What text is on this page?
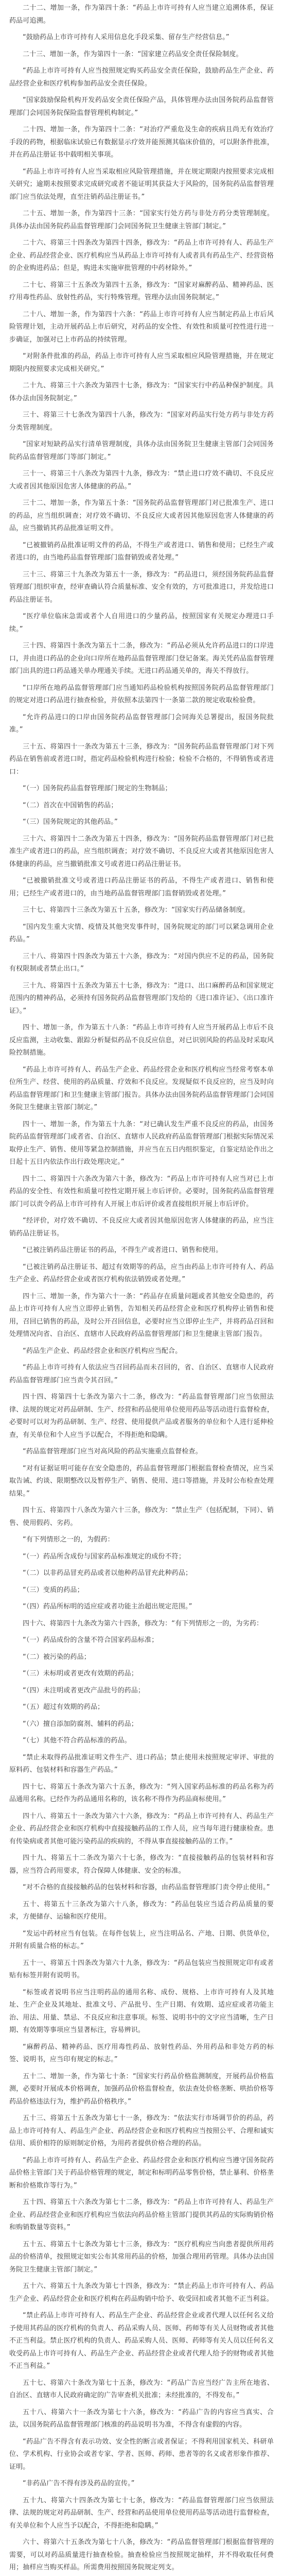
二十二、增加一条，作为第四十条：“药品上市许可持有人应当建立追溯体系，保证药品可追溯。

“鼓励药品上市许可持有人采用信息化手段采集、留存生产经营信息。”

二十三、增加一条，作为第四十一条：“国家建立药品安全责任保险制度。

“药品上市许可持有人应当按照规定购买药品安全责任保险，鼓励药品生产企业、药品经营企业和医疗机构参加药品安全责任保险。

“国家鼓励保险机构开发药品安全责任保险产品，具体管理办法由国务院药品监督管理部门会同国务院保险监督管理机构制定。”

二十四、增加一条，作为第四十二条：“对治疗严重危及生命的疾病且尚无有效治疗手段的药物，根据临床试验已有数据显示疗效并能预测其临床价值的，可以附条件批准，并在药品注册证书中载明相关事项。

“药品上市许可持有人应当采取相应风险管理措施，并在规定期限内按照要求完成相关研究；逾期未按照要求完成研究或者不能证明其获益大于风险的，国务院药品监督管理部门应当依法处理，直至注销药品注册证书。”

二十五、增加一条，作为第四十三条：“国家实行处方药与非处方药分类管理制度。具体办法由国务院药品监督管理部门会同国务院卫生健康主管部门制定。”

二十六、将第三十四条改为第四十四条，修改为：“药品上市许可持有人、药品生产企业、药品经营企业、医疗机构应当从药品上市许可持有人或者具有药品生产、经营资格的企业购进药品；但是，购进未实施审批管理的中药材除外。”

二十七、将第三十五条改为第四十五条，修改为：“国家对麻醉药品、精神药品、医疗用毒性药品、放射性药品，实行特殊管理。管理办法由国务院制定。”

二十八、增加一条，作为第四十六条：“药品上市许可持有人应当制定药品上市后风险管理计划，主动开展药品上市后研究，对药品的安全性、有效性和质量可控性进行进一步确证，加强对已上市药品的持续管理。

“对附条件批准的药品，药品上市许可持有人应当采取相应风险管理措施，并在规定期限内按照要求完成相关研究。”

二十九、将第三十六条改为第四十七条，修改为：“国家实行中药品种保护制度。具体办法由国务院制定。”

三十、将第三十七条改为第四十八条，修改为：“国家对药品实行处方药与非处方药分类管理制度。

“国家对短缺药品实行清单管理制度，具体办法由国务院卫生健康主管部门会同国务院药品监督管理部门等部门制定。”

三十一、将第三十八条改为第四十九条，修改为：“禁止进口疗效不确切、不良反应大或者因其他原因危害人体健康的药品。”

三十二、增加一条，作为第五十条：“国务院药品监督管理部门对已批准生产、进口的药品，应当组织调查；对疗效不确切、不良反应大或者因其他原因危害人体健康的药品，应当撤销其药品批准证明文件。

“已被撤销药品批准证明文件的药品，不得生产或者进口、销售和使用；已经生产或者进口的，由当地药品监督管理部门监督销毁或者处理。”

三十三、将第三十九条改为第五十一条，修改为：“药品进口，须经国务院药品监督管理部门组织审查，经审查确认符合质量标准、安全有效的，方可批准进口，并发给进口药品注册证书。

“医疗单位临床急需或者个人自用进口的少量药品，按照国家有关规定办理进口手续。”

三十四、将第四十条改为第五十二条，修改为：“药品必须从允许药品进口的口岸进口，并由进口药品的企业向口岸所在地药品监督管理部门登记备案。海关凭药品监督管理部门出具的进口药品通关单办理通关手续。无进口药品通关单的，海关不得放行。

“口岸所在地药品监督管理部门应当通知药品检验机构按照国务院药品监督管理部门的规定对进口药品进行抽查检验，并依照本法第四十一条第二款的规定收取检验费。

“允许药品进口的口岸由国务院药品监督管理部门会同海关总署提出，报国务院批准。”

三十五、将第四十一条改为第五十三条，修改为：“国务院药品监督管理部门对下列药品在销售前或者进口时，指定药品检验机构进行检验；检验不合格的，不得销售或者进口：

“（一）国务院药品监督管理部门规定的生物制品；

“（二）首次在中国销售的药品；

“（三）国务院规定的其他药品。”

三十六、将第四十二条改为第五十四条，修改为：“国务院药品监督管理部门对已批准生产或者进口的药品，应当组织调查；对疗效不确切、不良反应大或者其他原因危害人体健康的药品，应当撤销批准文号或者进口药品注册证书。

“已被撤销批准文号或者进口药品注册证书的药品，不得生产或者进口、销售和使用；已经生产或者进口的，由当地药品监督管理部门监督销毁或者处理。”

三十七、将第四十三条改为第五十五条，修改为：“国家实行药品储备制度。

“国内发生重大灾情、疫情及其他突发事件时，国务院规定的部门可以紧急调用企业药品。”

三十八、将第四十四条改为第五十六条，修改为：“对国内供应不足的药品，国务院有权限制或者禁止出口。”

三十九、将第四十五条改为第五十七条，修改为：“进口、出口麻醉药品和国家规定范围内的精神药品，必须持有国务院药品监督管理部门发给的《进口准许证》、《出口准许证》。”

四十、增加一条，作为第五十八条：“药品上市许可持有人应当开展药品上市后不良反应监测，主动收集、跟踪分析疑似药品不良反应信息，对已识别风险的药品及时采取风险控制措施。

“药品上市许可持有人、药品生产企业、药品经营企业和医疗机构应当经常考察本单位所生产、经营、使用的药品质量、疗效和不良反应。发现疑似不良反应的，应当及时向药品监督管理部门和卫生健康主管部门报告。具体办法由国务院药品监督管理部门会同国务院卫生健康主管部门制定。”

四十一、增加一条，作为第五十九条：“对已确认发生严重不良反应的药品，由国务院药品监督管理部门或者省、自治区、直辖市人民政府药品监督管理部门根据实际情况采取停止生产、销售、使用等紧急控制措施，并应当在五日内组织鉴定，自鉴定结论作出之日起十五日内依法作出行政处理决定。”

四十二、将第四十六条改为第六十条，修改为：“药品上市许可持有人应当对已上市药品的安全性、有效性和质量可控性定期开展上市后评价。必要时，国务院药品监督管理部门可以责令药品上市许可持有人开展上市后评价或者直接组织开展上市后评价。

“经评价，对疗效不确切、不良反应大或者因其他原因危害人体健康的药品，应当注销药品注册证书。

“已被注销药品注册证书的药品，不得生产或者进口、销售和使用。

“已被注销药品注册证书、超过有效期等的药品，应当由药品上市许可持有人、药品生产企业、药品经营企业或者医疗机构依法销毁或者处理。”

四十三、增加一条，作为第六十一条：“药品存在质量问题或者其他安全隐患的，药品上市许可持有人应当立即停止销售，告知相关药品经营企业和医疗机构停止销售和使用，召回已销售的药品，及时公开召回信息，必要时应当立即停止生产，并将药品召回和处理情况向省、自治区、直辖市人民政府药品监督管理部门和卫生健康主管部门报告。

“药品生产企业、药品经营企业和医疗机构应当配合。

“药品上市许可持有人依法应当召回药品而未召回的，省、自治区、直辖市人民政府药品监督管理部门应当责令其召回。”

四十四、将第四十七条改为第六十二条，修改为：“药品监督管理部门应当依照法律、法规的规定对药品研制、生产、经营和药品使用单位使用药品等活动进行监督检查，必要时可以对为药品研制、生产、经营、使用提供产品或者服务的单位和个人进行延伸检查，有关单位和个人应当予以配合，不得拒绝和隐瞒。

“药品监督管理部门应当对高风险的药品实施重点监督检查。

“对有证据证明可能存在安全隐患的，药品监督管理部门根据监督检查情况，应当采取告诫、约谈、限期整改以及暂停生产、销售、使用、进口等措施，并及时公布检查处理结果。”

四十五、将第四十八条改为第六十三条，修改为：“禁止生产（包括配制，下同）、销售、使用假药、劣药。

“有下列情形之一的，为假药：

“（一）药品所含成份与国家药品标准规定的成份不符；

“（二）以非药品冒充药品或者以他种药品冒充此种药品；

“（三）变质的药品；

“（四）药品所标明的适应症或者功能主治超出规定范围。”

四十六、将第四十九条改为第六十四条，修改为：“有下列情形之一的，为劣药：

“（一）药品成份的含量不符合国家药品标准；

“（二）被污染的药品；

“（三）未标明或者更改有效期的药品；

“（四）未注明或者更改产品批号的药品；

“（五）超过有效期的药品；

“（六）擅自添加防腐剂、辅料的药品；

“（七）其他不符合药品标准的药品。

“禁止未取得药品批准证明文件生产、进口药品；禁止使用未按照规定审评、审批的原料药、包装材料和容器生产药品。”

四十七、将第五十条改为第六十五条，修改为：“列入国家药品标准的药品名称为药品通用名称。已经作为药品通用名称的，该名称不得作为药品商标使用。”

四十八、将第五十一条改为第六十六条，修改为：“药品上市许可持有人、药品生产企业、药品经营企业和医疗机构中直接接触药品的工作人员，应当每年进行健康检查。患有传染病或者其他可能污染药品的疾病的，不得从事直接接触药品的工作。”

四十九、将第五十二条改为第六十七条，修改为：“直接接触药品的包装材料和容器，应当符合药用要求，符合保障人体健康、安全的标准。

“对不合格的直接接触药品的包装材料和容器，由药品监督管理部门责令停止使用。”

五十、将第五十三条改为第六十八条，修改为：“药品包装应当适合药品质量的要求，方便储存、运输和医疗使用。

“发运中药材应当有包装。在每件包装上，应当注明品名、产地、日期、供货单位，并附有质量合格的标志。”

五十一、将第五十四条改为第六十九条，修改为：“药品包装应当按照规定印有或者贴有标签并附有说明书。

“标签或者说明书应当注明药品的通用名称、成份、规格、上市许可持有人及其地址、生产企业及其地址、批准文号、产品批号、生产日期、有效期、适应症或者功能主治、用法、用量、禁忌、不良反应和注意事项。标签、说明书中的文字应当清晰，生产日期、有效期等事项应当显著标注，容易辨识。

“麻醉药品、精神药品、医疗用毒性药品、放射性药品、外用药品和非处方药的标签、说明书，应当印有规定的标志。”

五十二、增加一条，作为第七十条：“国家实行药品价格监测制度，开展药品价格监测，必要时开展成本价格调查，加强药品价格监督检查，依法查处价格垄断、哄抬价格等药品价格违法行为，维护药品价格秩序。”

五十三、将第五十五条改为第七十一条，修改为：“依法实行市场调节价的药品，药品上市许可持有人、药品生产企业、药品经营企业和医疗机构应当按照公平、合理和诚实信用、质价相符的原则制定价格，为用药者提供价格合理的药品。

“药品上市许可持有人、药品生产企业、药品经营企业和医疗机构应当遵守国务院药品价格主管部门关于药品价格管理的规定，制定和标明药品零售价格，禁止暴利、价格垄断和价格欺诈等行为。”

五十四、将第五十六条改为第七十二条，修改为：“药品上市许可持有人、药品生产企业、药品经营企业和医疗机构应当依法向药品价格主管部门提供其药品的实际购销价格和购销数量等资料。”

五十五、将第五十七条改为第七十三条，修改为：“医疗机构应当向患者提供所用药品的价格清单，按照规定如实公布其常用药品的价格，加强合理用药管理。具体办法由国务院卫生健康主管部门制定。”

五十六、将第五十九条改为第七十四条，修改为：“禁止药品上市许可持有人、药品生产企业、药品经营企业和医疗机构在药品购销中给予、收受回扣或者其他不正当利益。

“禁止药品上市许可持有人、药品生产企业、药品经营企业或者代理人以任何名义给予使用其药品的医疗机构的负责人、药品采购人员、医师、药师等有关人员财物或者其他不正当利益。禁止医疗机构的负责人、药品采购人员、医师、药师等有关人员以任何名义收受药品上市许可持有人、药品生产企业、药品经营企业或者代理人给予的财物或者其他不正当利益。”

五十七、将第六十条改为第七十五条，修改为：“药品广告应当经广告主所在地省、自治区、直辖市人民政府确定的广告审查机关批准；未经批准的，不得发布。”

五十八、将第六十一条改为第七十六条，修改为：“药品广告的内容应当真实、合法，以国务院药品监督管理部门核准的药品说明书为准，不得含有虚假的内容。

“药品广告不得含有表示功效、安全性的断言或者保证；不得利用国家机关、科研单位、学术机构、行业协会或者专家、学者、医师、药师、患者等的名义或者形象作推荐、证明。

“非药品广告不得有涉及药品的宣传。”

五十九、将第六十四条改为第七十七条，修改为：“药品监督管理部门应当依照法律、法规的规定对药品研制、生产、经营和药品使用单位使用药品等活动进行监督检查，有关单位和个人应当予以配合，不得拒绝和隐瞒。”

六十、将第六十五条改为第七十八条，修改为：“药品监督管理部门根据监督管理的需要，可以对药品质量进行抽查检验。抽查检验应当按照规定抽样，并不得收取任何费用；抽样应当购买样品。所需费用按照国务院规定列支。
